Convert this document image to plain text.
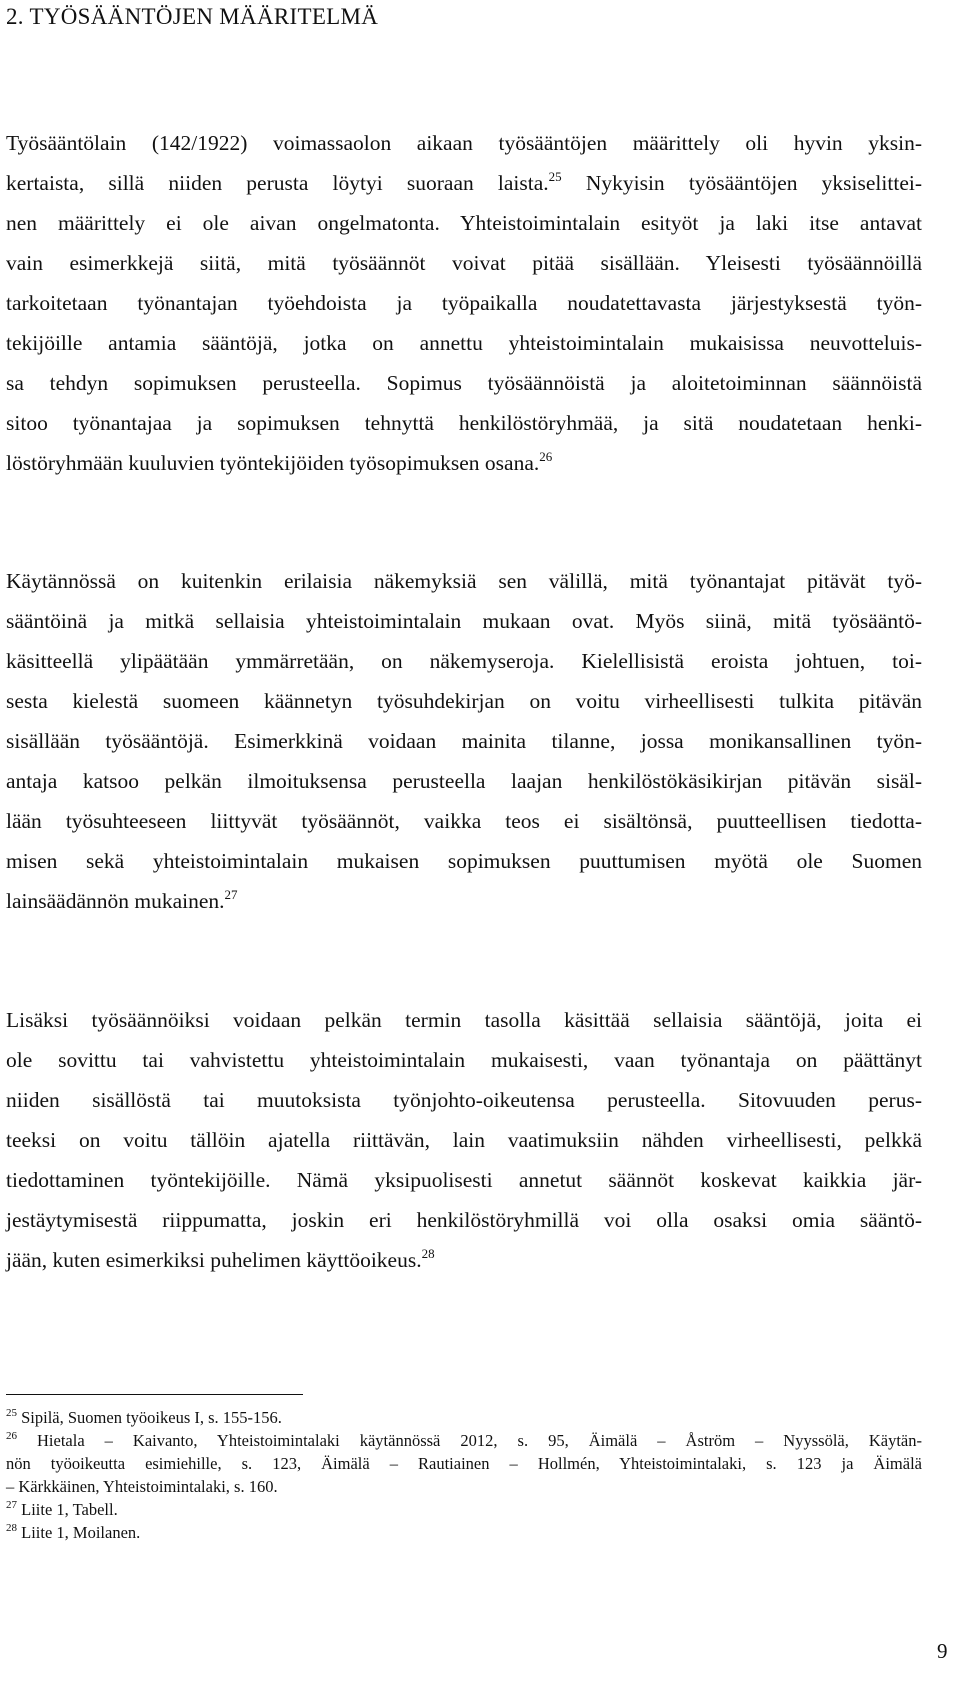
2. TYÖSÄÄNTÖJEN MÄÄRITELMÄ
Työsääntölain (142/1922) voimassaolon aikaan työsääntöjen määrittely oli hyvin yksin-
kertaista, sillä niiden perusta löytyi suoraan laista.$^{25}$ Nykyisin työsääntöjen yksiselittei-
nen määrittely ei ole aivan ongelmatonta. Yhteistoimintalain esityöt ja laki itse antavat
vain esimerkkejä siitä, mitä työsäännöt voivat pitää sisällään. Yleisesti työsäännöillä
tarkoitetaan työnantajan työehdoista ja työpaikalla noudatettavasta järjestyksestä työn-
tekijöille antamia sääntöjä, jotka on annettu yhteistoimintalain mukaisissa neuvotteluis-
sa tehdyn sopimuksen perusteella. Sopimus työsäännöistä ja aloitetoiminnan säännöistä
sitoo työnantajaa ja sopimuksen tehnyttä henkilöstöryhmää, ja sitä noudatetaan henki-
löstöryhmään kuuluvien työntekijöiden työsopimuksen osana.$^{26}$
Käytännössä on kuitenkin erilaisia näkemyksiä sen välillä, mitä työnantajat pitävät työ-
sääntöinä ja mitkä sellaisia yhteistoimintalain mukaan ovat. Myös siinä, mitä työsääntö-
käsitteellä ylipäätään ymmärretään, on näkemyseroja. Kielellisistä eroista johtuen, toi-
sesta kielestä suomeen käännetyn työsuhdekirjan on voitu virheellisesti tulkita pitävän
sisällään työsääntöjä. Esimerkkinä voidaan mainita tilanne, jossa monikansallinen työn-
antaja katsoo pelkän ilmoituksensa perusteella laajan henkilöstökäsikirjan pitävän sisäl-
lään työsuhteeseen liittyvät työsäännöt, vaikka teos ei sisältönsä, puutteellisen tiedotta-
misen sekä yhteistoimintalain mukaisen sopimuksen puuttumisen myötä ole Suomen
lainsäädännön mukainen.$^{27}$
Lisäksi työsäännöiksi voidaan pelkän termin tasolla käsittää sellaisia sääntöjä, joita ei
ole sovittu tai vahvistettu yhteistoimintalain mukaisesti, vaan työnantaja on päättänyt
niiden sisällöstä tai muutoksista työnjohto-oikeutensa perusteella. Sitovuuden perus-
teeksi on voitu tällöin ajatella riittävän, lain vaatimuksiin nähden virheellisesti, pelkkä
tiedottaminen työntekijöille. Nämä yksipuolisesti annetut säännöt koskevat kaikkia jär-
jestäytymisestä riippumatta, joskin eri henkilöstöryhmillä voi olla osaksi omia sääntö-
jään, kuten esimerkiksi puhelimen käyttöoikeus.$^{28}$
$^{25}$ Sipilä, Suomen työoikeus I, s. 155-156.
$^{26}$ Hietala – Kaivanto, Yhteistoimintalaki käytännössä 2012, s. 95, Äimälä – Åström – Nyyssölä, Käytän-
nön työoikeutta esimiehille, s. 123, Äimälä – Rautiainen – Hollmén, Yhteistoimintalaki, s. 123 ja Äimälä
– Kärkkäinen, Yhteistoimintalaki, s. 160.
$^{27}$ Liite 1, Tabell.
$^{28}$ Liite 1, Moilanen.
9
